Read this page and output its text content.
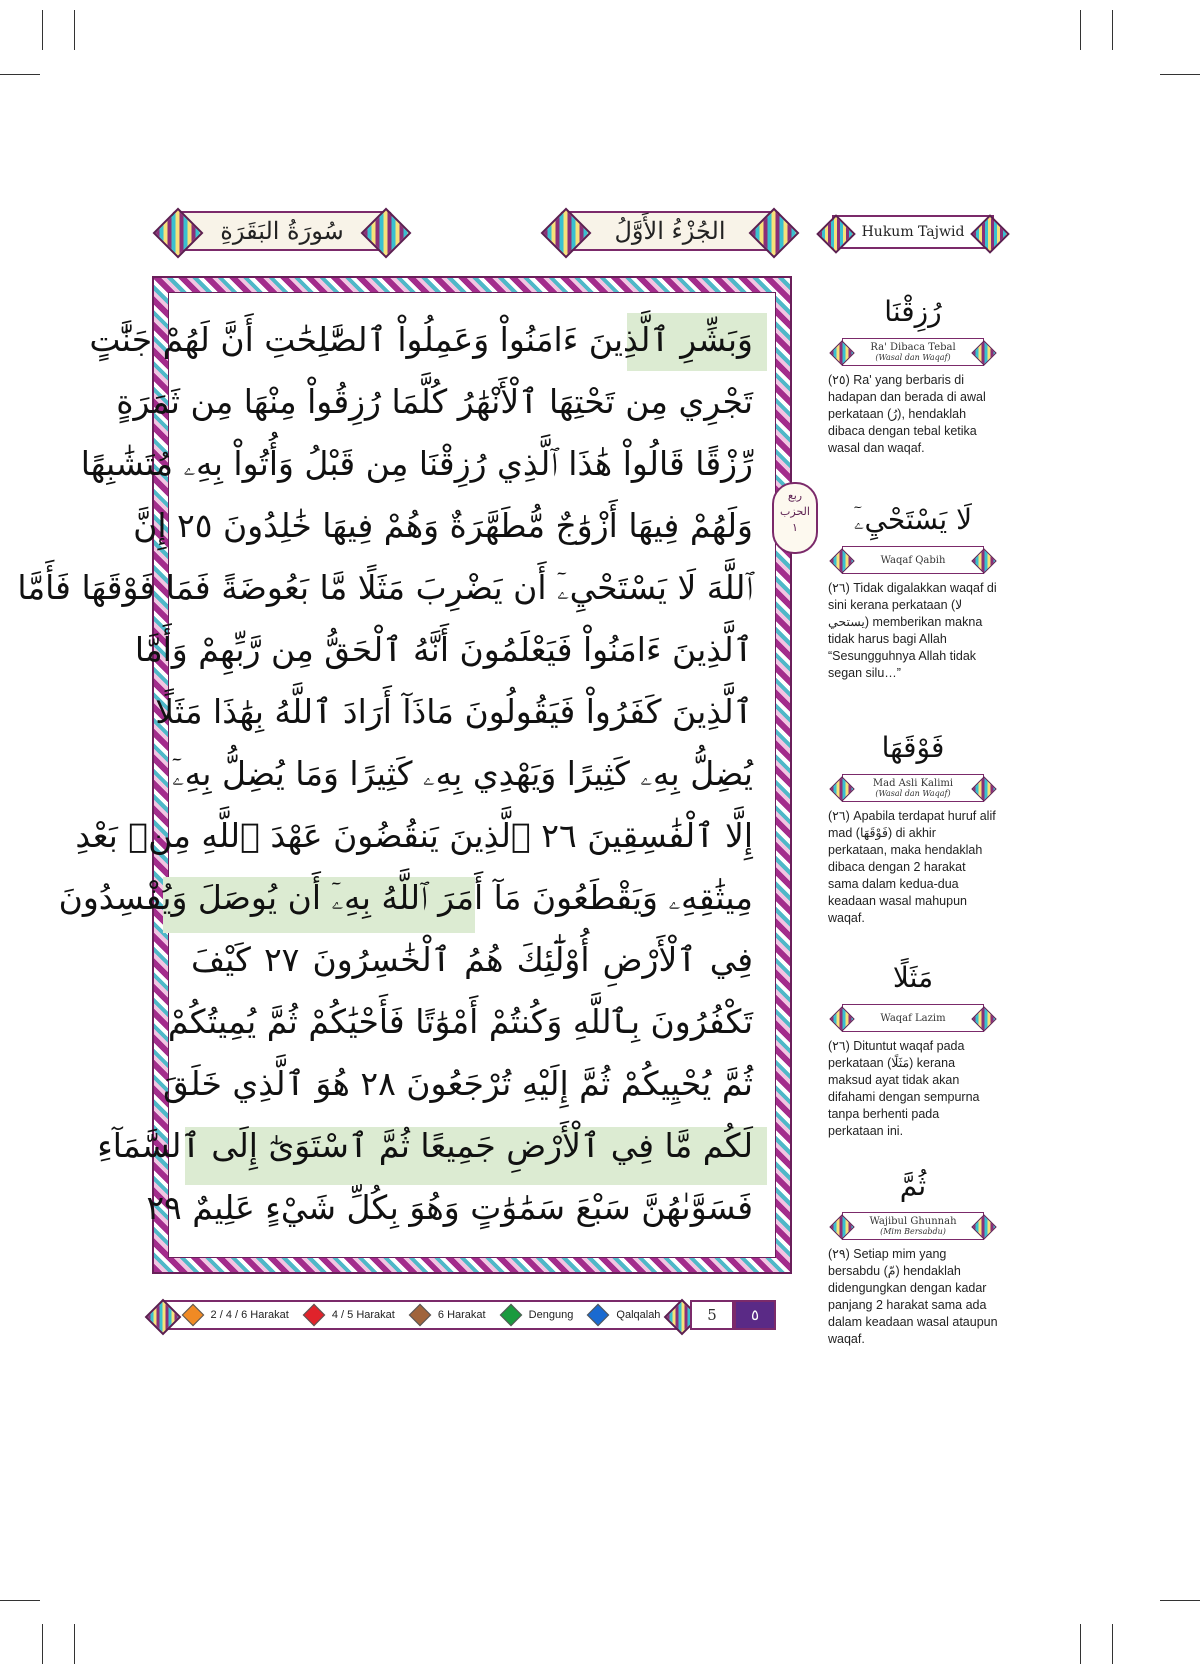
سُورَةُ البَقَرَةِ	الجُزْءُ الأَوَّلُ	Hukum Tajwid
وَبَشِّرِ ٱلَّذِينَ ءَامَنُواْ وَعَمِلُواْ ٱلصَّٰلِحَٰتِ أَنَّ لَهُمْ جَنَّٰتٍ
تَجْرِي مِن تَحْتِهَا ٱلْأَنْهَٰرُ كُلَّمَا رُزِقُواْ مِنْهَا مِن ثَمَرَةٍ
رِّزْقًا قَالُواْ هَٰذَا ٱلَّذِي رُزِقْنَا مِن قَبْلُ وَأُتُواْ بِهِۦ مُتَشَٰبِهًا
وَلَهُمْ فِيهَا أَزْوَٰجٌ مُّطَهَّرَةٌ وَهُمْ فِيهَا خَٰلِدُونَ ٢٥ إِنَّ
ٱللَّهَ لَا يَسْتَحْيِۦٓ أَن يَضْرِبَ مَثَلًا مَّا بَعُوضَةً فَمَا فَوْقَهَا فَأَمَّا
ٱلَّذِينَ ءَامَنُواْ فَيَعْلَمُونَ أَنَّهُ ٱلْحَقُّ مِن رَّبِّهِمْ وَأَمَّا
ٱلَّذِينَ كَفَرُواْ فَيَقُولُونَ مَاذَآ أَرَادَ ٱللَّهُ بِهَٰذَا مَثَلًا
يُضِلُّ بِهِۦ كَثِيرًا وَيَهْدِي بِهِۦ كَثِيرًا وَمَا يُضِلُّ بِهِۦٓ
إِلَّا ٱلْفَٰسِقِينَ ٢٦ ٱلَّذِينَ يَنقُضُونَ عَهْدَ ٱللَّهِ مِنۢ بَعْدِ
مِيثَٰقِهِۦ وَيَقْطَعُونَ مَآ أَمَرَ ٱللَّهُ بِهِۦٓ أَن يُوصَلَ وَيُفْسِدُونَ
فِي ٱلْأَرْضِ أُوْلَٰٓئِكَ هُمُ ٱلْخَٰسِرُونَ ٢٧ كَيْفَ
تَكْفُرُونَ بِٱللَّهِ وَكُنتُمْ أَمْوَٰتًا فَأَحْيَٰكُمْ ثُمَّ يُمِيتُكُمْ
ثُمَّ يُحْيِيكُمْ ثُمَّ إِلَيْهِ تُرْجَعُونَ ٢٨ هُوَ ٱلَّذِي خَلَقَ
لَكُم مَّا فِي ٱلْأَرْضِ جَمِيعًا ثُمَّ ٱسْتَوَىٰٓ إِلَى ٱلسَّمَآءِ
فَسَوَّىٰهُنَّ سَبْعَ سَمَٰوَٰتٍ وَهُوَ بِكُلِّ شَيْءٍ عَلِيمٌ ٢٩
ربع
الحزب
١
رُزِقْنَا
Ra' Dibaca Tebal
(Wasal dan Waqaf)
(٢٥) Ra' yang berbaris di hadapan dan berada di awal perkataan (رُ), hendaklah dibaca dengan tebal ketika wasal dan waqaf.
لَا يَسْتَحْيِۦٓ
Waqaf Qabih
(٢٦) Tidak digalakkan waqaf di sini kerana perkataan (لا يستحي) memberikan makna tidak harus bagi Allah “Sesungguhnya Allah tidak segan silu…”
فَوْقَهَا
Mad Asli Kalimi
(Wasal dan Waqaf)
(٢٦) Apabila terdapat huruf alif mad (فَوْقَهَا) di akhir perkataan, maka hendaklah dibaca dengan 2 harakat sama dalam kedua-dua keadaan wasal mahupun waqaf.
مَثَلًا
Waqaf Lazim
(٢٦) Dituntut waqaf pada perkataan (مَثَلًا) kerana maksud ayat tidak akan difahami dengan sempurna tanpa berhenti pada perkataan ini.
ثُمَّ
Wajibul Ghunnah
(Mim Bersabdu)
(٢٩) Setiap mim yang bersabdu (مّ) hendaklah didengungkan dengan kadar panjang 2 harakat sama ada dalam keadaan wasal ataupun waqaf.
2 / 4 / 6 Harakat	4 / 5 Harakat	6 Harakat	Dengung	Qalqalah	5	٥
